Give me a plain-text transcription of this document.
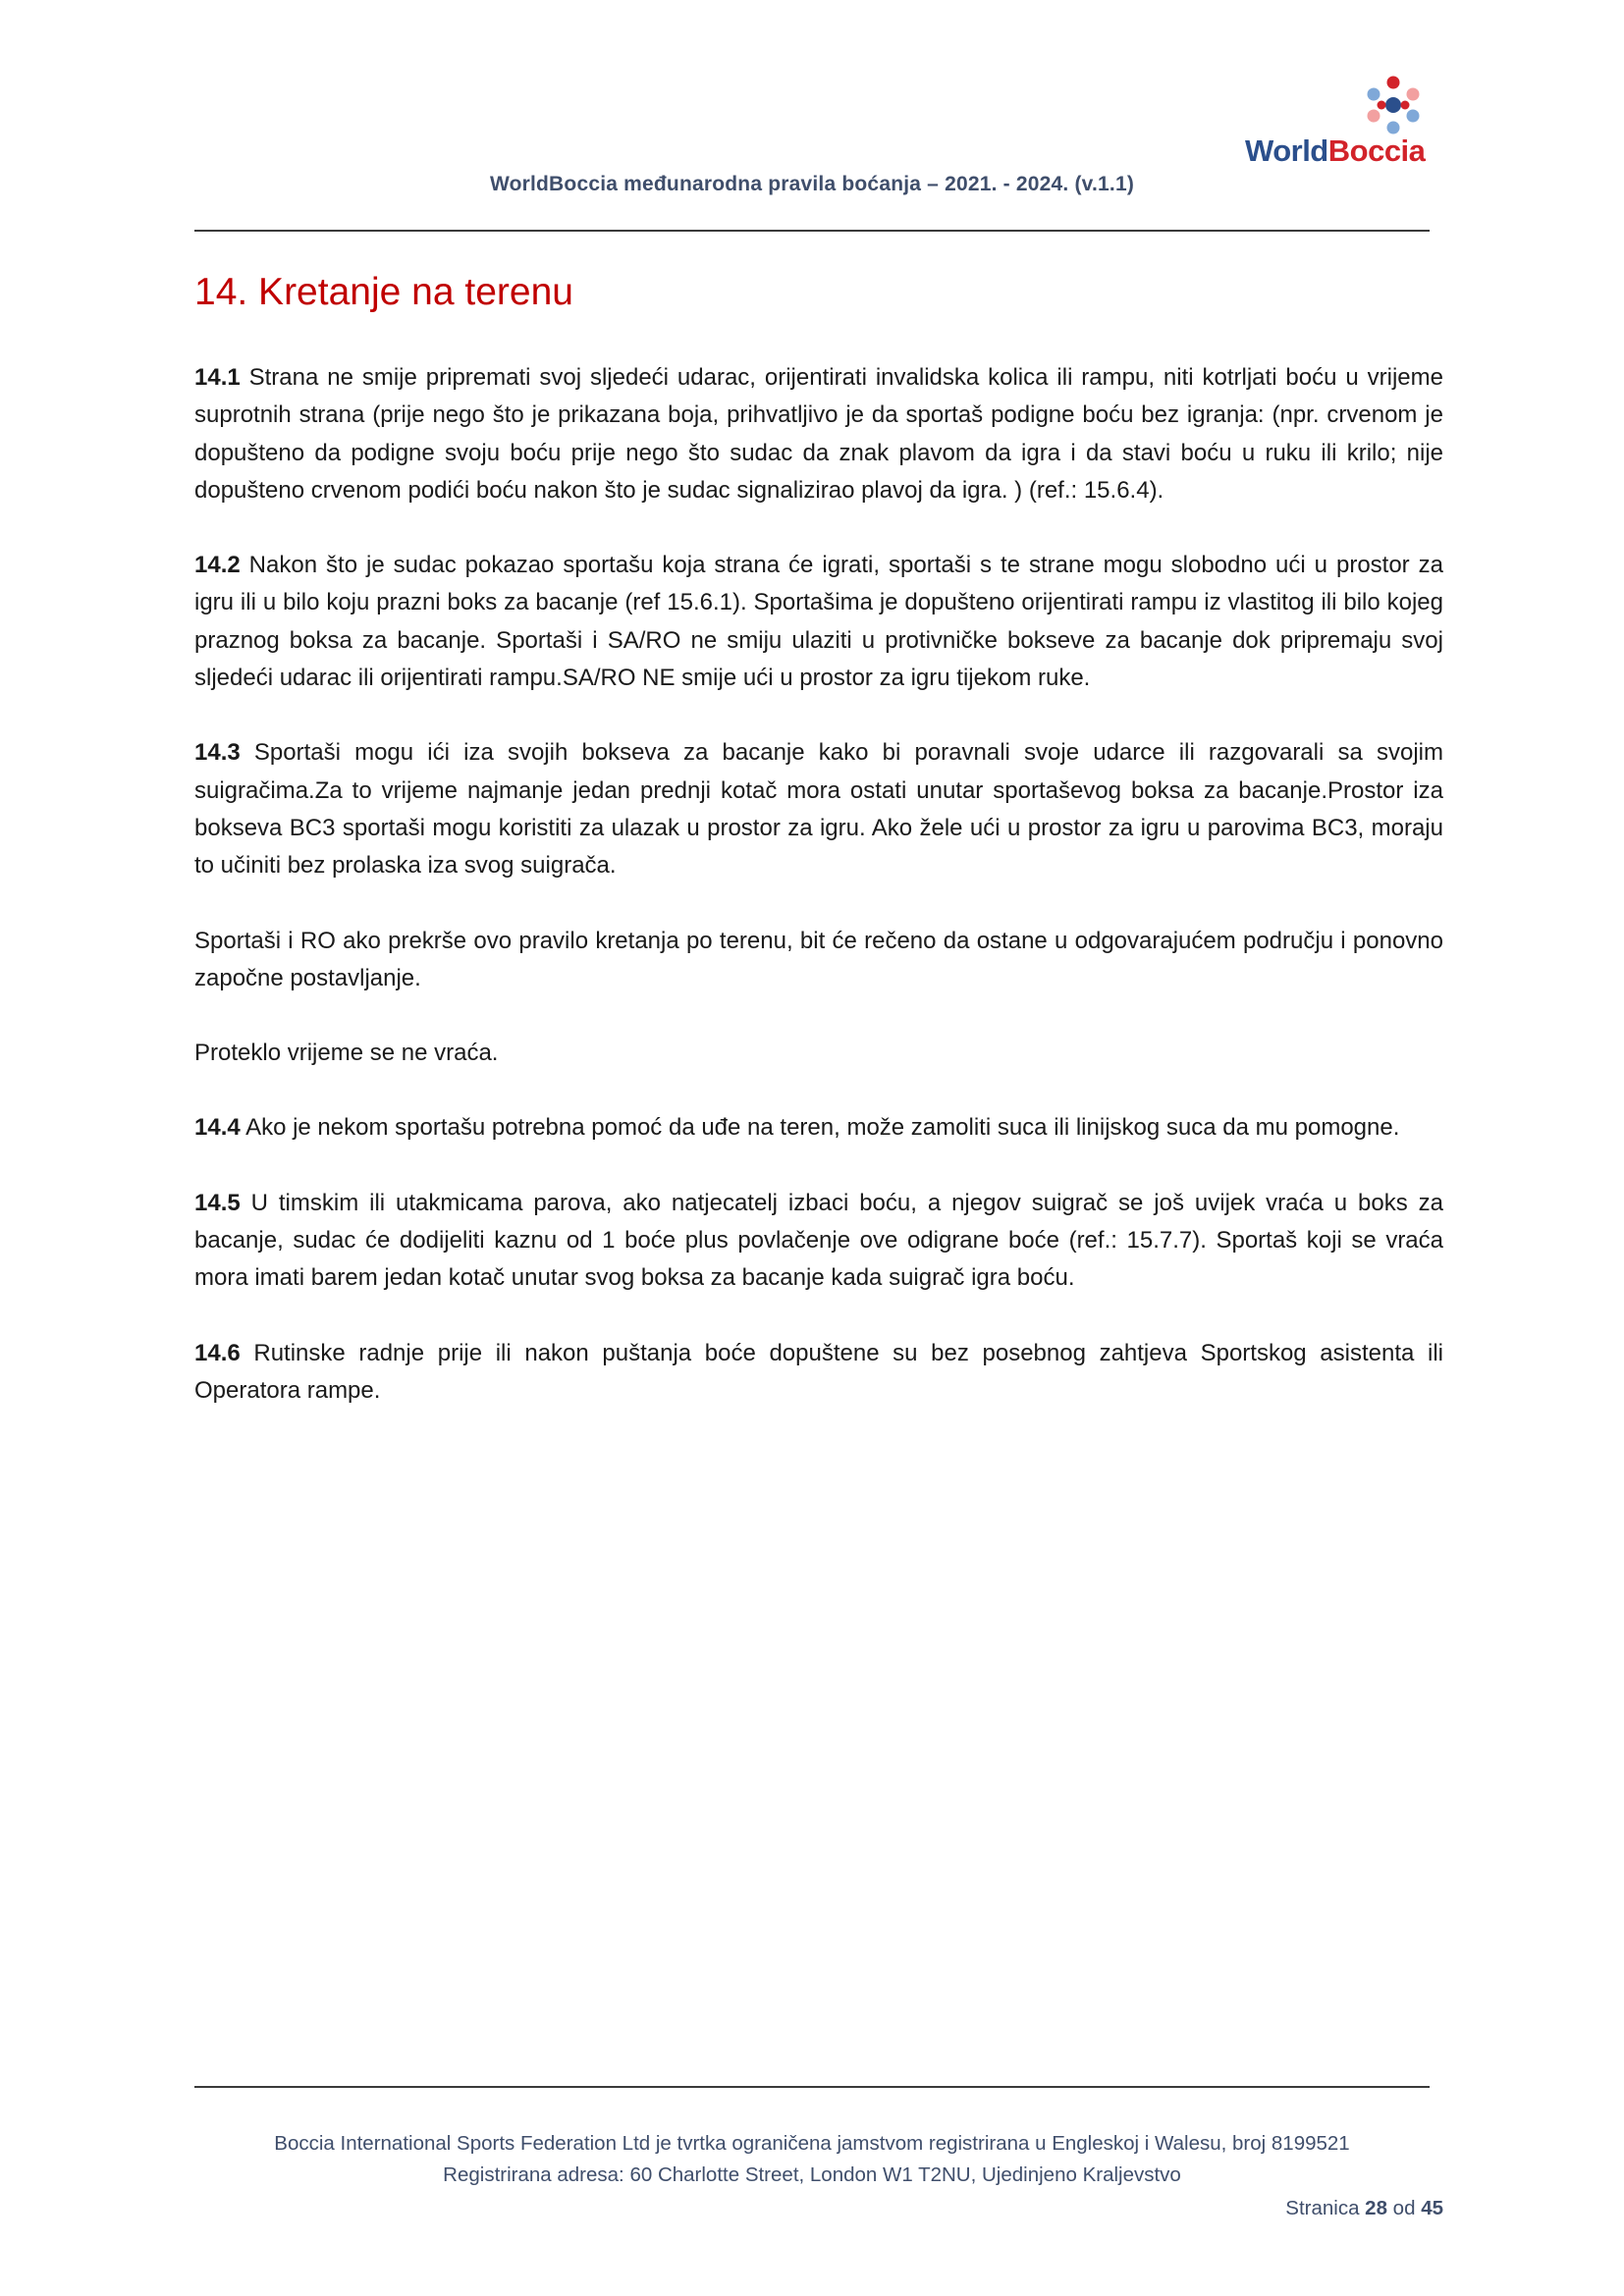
WorldBoccia međunarodna pravila boćanja – 2021. - 2024. (v.1.1)
WorldBoccia
14. Kretanje na terenu

14.1 Strana ne smije pripremati svoj sljedeći udarac, orijentirati invalidska kolica ili rampu, niti kotrljati boću u vrijeme suprotnih strana (prije nego što je prikazana boja, prihvatljivo je da sportaš podigne boću bez igranja: (npr. crvenom je dopušteno da podigne svoju boću prije nego što sudac da znak plavom da igra i da stavi boću u ruku ili krilo; nije dopušteno crvenom podići boću nakon što je sudac signalizirao plavoj da igra. ) (ref.: 15.6.4).

14.2 Nakon što je sudac pokazao sportašu koja strana će igrati, sportaši s te strane mogu slobodno ući u prostor za igru ili u bilo koju prazni boks za bacanje (ref 15.6.1). Sportašima je dopušteno orijentirati rampu iz vlastitog ili bilo kojeg praznog boksa za bacanje. Sportaši i SA/RO ne smiju ulaziti u protivničke bokseve za bacanje dok pripremaju svoj sljedeći udarac ili orijentirati rampu.SA/RO NE smije ući u prostor za igru tijekom ruke.

14.3 Sportaši mogu ići iza svojih bokseva za bacanje kako bi poravnali svoje udarce ili razgovarali sa svojim suigračima.Za to vrijeme najmanje jedan prednji kotač mora ostati unutar sportaševog boksa za bacanje.Prostor iza bokseva BC3 sportaši mogu koristiti za ulazak u prostor za igru. Ako žele ući u prostor za igru u parovima BC3, moraju to učiniti bez prolaska iza svog suigrača.

Sportaši i RO ako prekrše ovo pravilo kretanja po terenu, bit će rečeno da ostane u odgovarajućem području i ponovno započne postavljanje.

Proteklo vrijeme se ne vraća.

14.4 Ako je nekom sportašu potrebna pomoć da uđe na teren, može zamoliti suca ili linijskog suca da mu pomogne.

14.5 U timskim ili utakmicama parova, ako natjecatelj izbaci boću, a njegov suigrač se još uvijek vraća u boks za bacanje, sudac će dodijeliti kaznu od 1 boće plus povlačenje ove odigrane boće (ref.: 15.7.7). Sportaš koji se vraća mora imati barem jedan kotač unutar svog boksa za bacanje kada suigrač igra boću.

14.6 Rutinske radnje prije ili nakon puštanja boće dopuštene su bez posebnog zahtjeva Sportskog asistenta ili Operatora rampe.

Boccia International Sports Federation Ltd je tvrtka ograničena jamstvom registrirana u Engleskoj i Walesu, broj 8199521
Registrirana adresa: 60 Charlotte Street, London W1 T2NU, Ujedinjeno Kraljevstvo
Stranica 28 od 45
